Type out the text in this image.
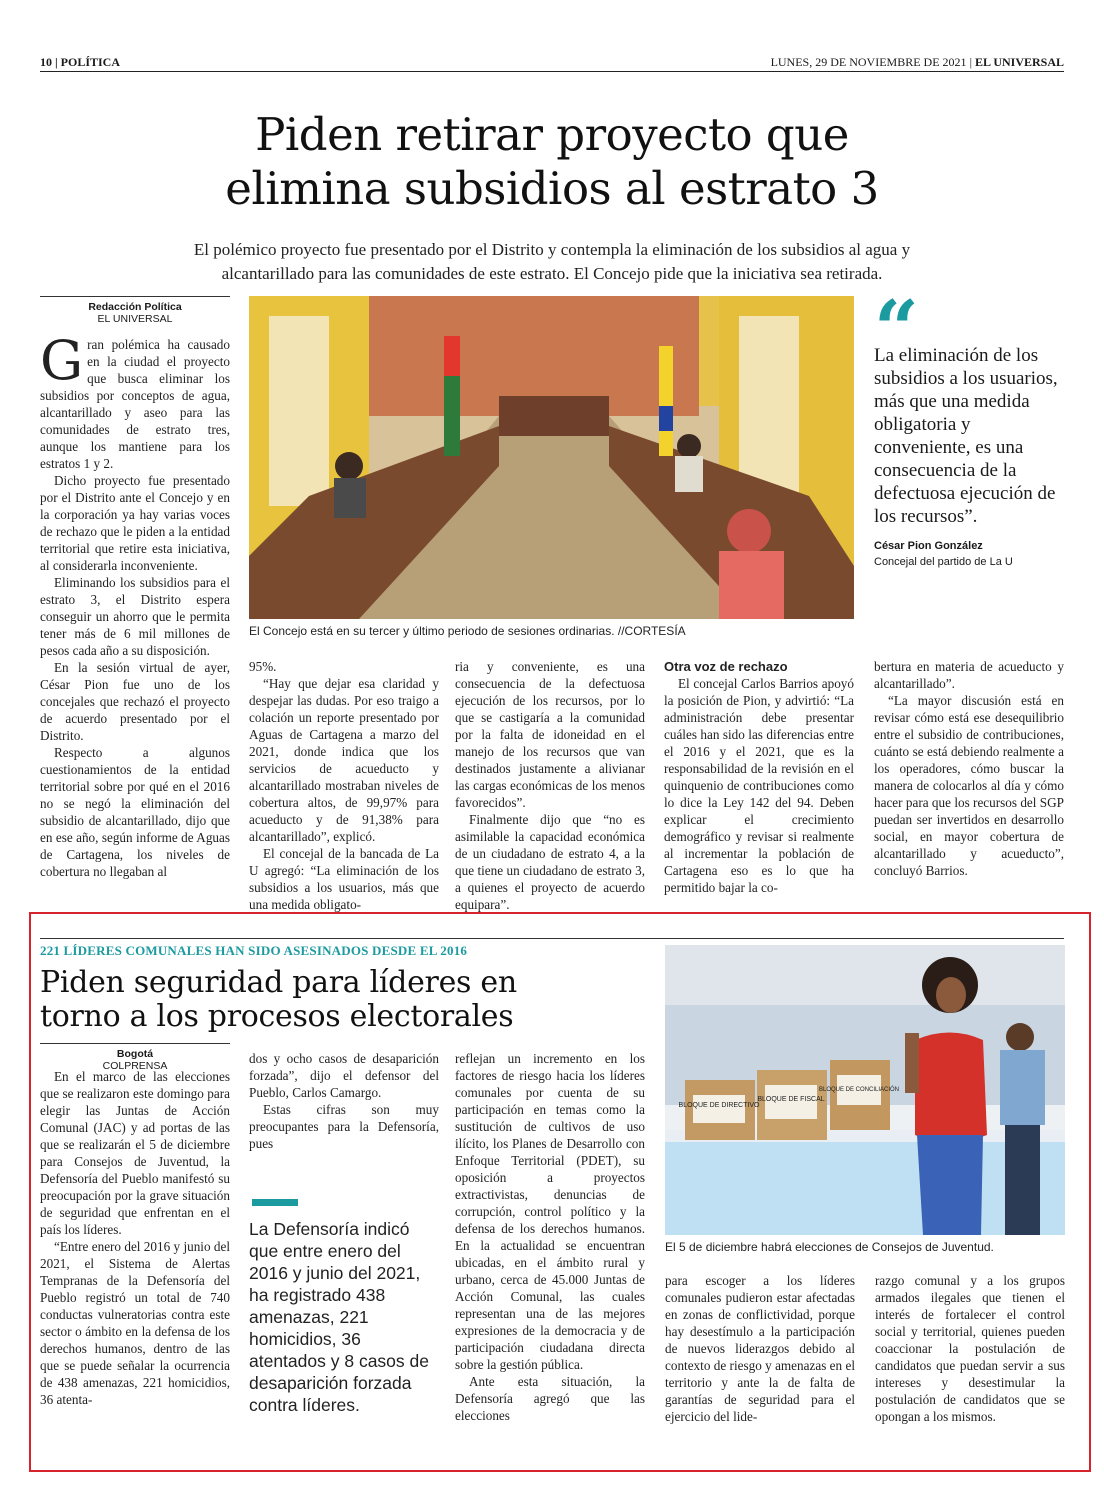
10 | POLÍTICA	LUNES, 29 DE NOVIEMBRE DE 2021 | EL UNIVERSAL
Piden retirar proyecto que
elimina subsidios al estrato 3
El polémico proyecto fue presentado por el Distrito y contempla la eliminación de los subsidios al agua y
alcantarillado para las comunidades de este estrato. El Concejo pide que la iniciativa sea retirada.
Redacción Política
EL UNIVERSAL

Gran polémica ha causado en la ciudad el proyecto que busca eliminar los subsidios por conceptos de agua, alcantarillado y aseo para las comunidades de estrato tres, aunque los mantiene para los estratos 1 y 2.

Dicho proyecto fue presentado por el Distrito ante el Concejo y en la corporación ya hay varias voces de rechazo que le piden a la entidad territorial que retire esta iniciativa, al considerarla inconveniente.

Eliminando los subsidios para el estrato 3, el Distrito espera conseguir un ahorro que le permita tener más de 6 mil millones de pesos cada año a su disposición.

En la sesión virtual de ayer, César Pion fue uno de los concejales que rechazó el proyecto de acuerdo presentado por el Distrito.

Respecto a algunos cuestionamientos de la entidad territorial sobre por qué en el 2016 no se negó la eliminación del subsidio de alcantarillado, dijo que en ese año, según informe de Aguas de Cartagena, los niveles de cobertura no llegaban al

El Concejo está en su tercer y último periodo de sesiones ordinarias. //CORTESÍA
“
La eliminación de los subsidios a los usuarios, más que una medida obligatoria y conveniente, es una consecuencia de la defectuosa ejecución de los recursos”.
César Pion González
Concejal del partido de La U

95%.

“Hay que dejar esa claridad y despejar las dudas. Por eso traigo a colación un reporte presentado por Aguas de Cartagena a marzo del 2021, donde indica que los servicios de acueducto y alcantarillado mostraban niveles de cobertura altos, de 99,97% para acueducto y de 91,38% para alcantarillado”, explicó.

El concejal de la bancada de La U agregó: “La eliminación de los subsidios a los usuarios, más que una medida obligato-

ria y conveniente, es una consecuencia de la defectuosa ejecución de los recursos, por lo que se castigaría a la comunidad por la falta de idoneidad en el manejo de los recursos que van destinados justamente a alivianar las cargas económicas de los menos favorecidos”.

Finalmente dijo que “no es asimilable la capacidad económica de un ciudadano de estrato 4, a la que tiene un ciudadano de estrato 3, a quienes el proyecto de acuerdo equipara”.

Otra voz de rechazo

El concejal Carlos Barrios apoyó la posición de Pion, y advirtió: “La administración debe presentar cuáles han sido las diferencias entre el 2016 y el 2021, que es la responsabilidad de la revisión en el quinquenio de contribuciones como lo dice la Ley 142 del 94. Deben explicar el crecimiento demográfico y revisar si realmente al incrementar la población de Cartagena eso es lo que ha permitido bajar la co-

bertura en materia de acueducto y alcantarillado”.

“La mayor discusión está en revisar cómo está ese desequilibrio entre el subsidio de contribuciones, cuánto se está debiendo realmente a los operadores, cómo buscar la manera de colocarlos al día y cómo hacer para que los recursos del SGP puedan ser invertidos en desarrollo social, en mayor cobertura de alcantarillado y acueducto”, concluyó Barrios.

221 LÍDERES COMUNALES HAN SIDO ASESINADOS DESDE EL 2016
Piden seguridad para líderes en
torno a los procesos electorales
Bogotá
COLPRENSA

En el marco de las elecciones que se realizaron este domingo para elegir las Juntas de Acción Comunal (JAC) y ad portas de las que se realizarán el 5 de diciembre para Consejos de Juventud, la Defensoría del Pueblo manifestó su preocupación por la grave situación de seguridad que enfrentan en el país los líderes.

“Entre enero del 2016 y junio del 2021, el Sistema de Alertas Tempranas de la Defensoría del Pueblo registró un total de 740 conductas vulneratorias contra este sector o ámbito en la defensa de los derechos humanos, dentro de las que se puede señalar la ocurrencia de 438 amenazas, 221 homicidios, 36 atenta-

dos y ocho casos de desaparición forzada”, dijo el defensor del Pueblo, Carlos Camargo.

Estas cifras son muy preocupantes para la Defensoría, pues

La Defensoría indicó que entre enero del 2016 y junio del 2021, ha registrado 438 amenazas, 221 homicidios, 36 atentados y 8 casos de desaparición forzada contra líderes.

reflejan un incremento en los factores de riesgo hacia los líderes comunales por cuenta de su participación en temas como la sustitución de cultivos de uso ilícito, los Planes de Desarrollo con Enfoque Territorial (PDET), su oposición a proyectos extractivistas, denuncias de corrupción, control político y la defensa de los derechos humanos. En la actualidad se encuentran ubicadas, en el ámbito rural y urbano, cerca de 45.000 Juntas de Acción Comunal, las cuales representan una de las mejores expresiones de la democracia y de participación ciudadana directa sobre la gestión pública.

Ante esta situación, la Defensoría agregó que las elecciones

BLOQUE DE DIRECTIVO
BLOQUE DE FISCAL
BLOQUE DE CONCILIACIÓN
El 5 de diciembre habrá elecciones de Consejos de Juventud.

para escoger a los líderes comunales pudieron estar afectadas en zonas de conflictividad, porque hay desestímulo a la participación de nuevos liderazgos debido al contexto de riesgo y amenazas en el territorio y ante la de falta de garantías de seguridad para el ejercicio del lide-

razgo comunal y a los grupos armados ilegales que tienen el interés de fortalecer el control social y territorial, quienes pueden coaccionar la postulación de candidatos que puedan servir a sus intereses y desestimular la postulación de candidatos que se opongan a los mismos.
